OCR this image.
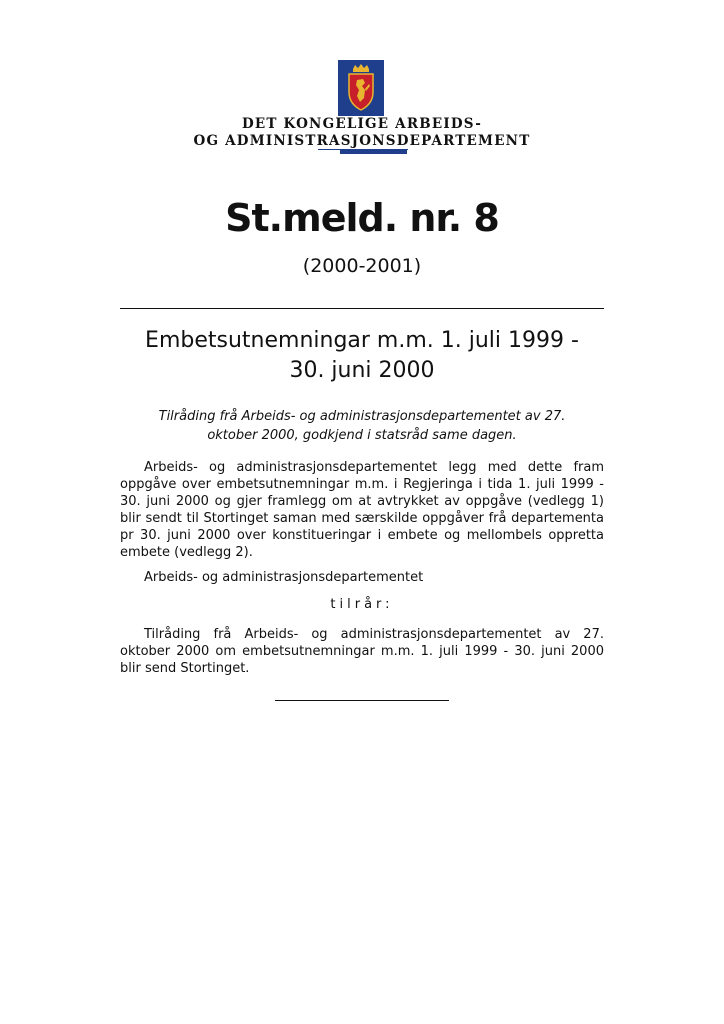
DET KONGELIGE ARBEIDS-
OG ADMINISTRASJONSDEPARTEMENT
St.meld. nr. 8
(2000-2001)
Embetsutnemningar m.m. 1. juli 1999 -
30. juni 2000
Tilråding frå Arbeids- og administrasjonsdepartementet av 27. oktober 2000, godkjend i statsråd same dagen.
Arbeids- og administrasjonsdepartementet legg med dette fram oppgåve over embetsutnemningar m.m. i Regjeringa i tida 1. juli 1999 - 30. juni 2000 og gjer framlegg om at avtrykket av oppgåve (vedlegg 1) blir sendt til Stortinget saman med særskilde oppgåver frå departementa pr 30. juni 2000 over konstitueringar i embete og mellombels oppretta embete (vedlegg 2).
Arbeids- og administrasjonsdepartementet
tilrår:
Tilråding frå Arbeids- og administrasjonsdepartementet av 27. oktober 2000 om embetsutnemningar m.m. 1. juli 1999 - 30. juni 2000 blir send Stortinget.
